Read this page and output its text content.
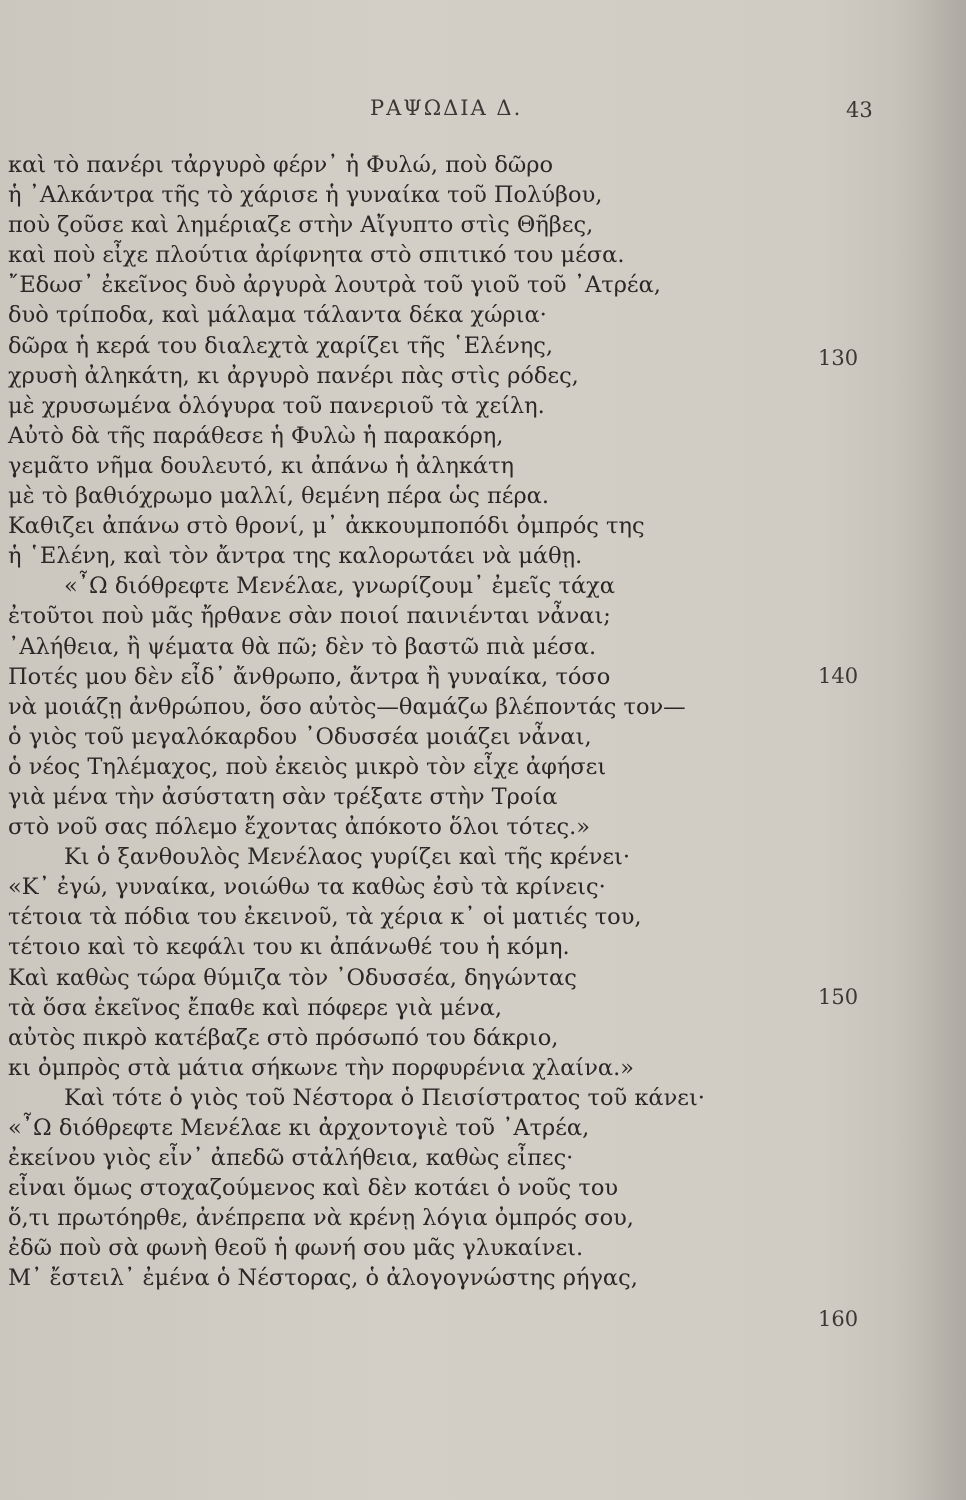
ΡΑΨΩΔΙΑ Δ.	43
καὶ τὸ πανέρι τἀργυρὸ φέρν᾿ ἡ Φυλώ, ποὺ δῶρο
ἡ ᾿Αλκάντρα τῆς τὸ χάρισε ἡ γυναίκα τοῦ Πολύβου,
ποὺ ζοῦσε καὶ λημέριαζε στὴν Αἴγυπτο στὶς Θῆβες,
καὶ ποὺ εἶχε πλούτια ἀρίφνητα στὸ σπιτικό του μέσα.
῎Εδωσ᾿ ἐκεῖνος δυὸ ἀργυρὰ λουτρὰ τοῦ γιοῦ τοῦ ᾿Ατρέα,
δυὸ τρίποδα, καὶ μάλαμα τάλαντα δέκα χώρια·
δῶρα ἡ κερά του διαλεχτὰ χαρίζει τῆς ῾Ελένης,
χρυσὴ ἀληκάτη, κι ἀργυρὸ πανέρι πὰς στὶς ρόδες,
μὲ χρυσωμένα ὁλόγυρα τοῦ πανεριοῦ τὰ χείλη.
Αὐτὸ δὰ τῆς παράθεσε ἡ Φυλὼ ἡ παρακόρη,
γεμᾶτο νῆμα δουλευτό, κι ἀπάνω ἡ ἀληκάτη
μὲ τὸ βαθιόχρωμο μαλλί, θεμένη πέρα ὡς πέρα.
Καθιζει ἀπάνω στὸ θρονί, μ᾿ ἀκκουμποπόδι ὀμπρός της
ἡ ῾Ελένη, καὶ τὸν ἄντρα της καλορωτάει νὰ μάθῃ.
«῏Ω διόθρεφτε Μενέλαε, γνωρίζουμ᾿ ἐμεῖς τάχα
ἐτοῦτοι ποὺ μᾶς ἤρθανε σὰν ποιοί παινιένται νἆναι;
᾿Αλήθεια, ἢ ψέματα θὰ πῶ; δὲν τὸ βαστῶ πιὰ μέσα.
Ποτές μου δὲν εἶδ᾿ ἄνθρωπο, ἄντρα ἢ γυναίκα, τόσο
νὰ μοιάζῃ ἀνθρώπου, ὅσο αὐτὸς—θαμάζω βλέποντάς τον—
ὁ γιὸς τοῦ μεγαλόκαρδου ᾿Οδυσσέα μοιάζει νἆναι,
ὁ νέος Τηλέμαχος, ποὺ ἐκειὸς μικρὸ τὸν εἶχε ἀφήσει
γιὰ μένα τὴν ἀσύστατη σὰν τρέξατε στὴν Τροία
στὸ νοῦ σας πόλεμο ἔχοντας ἀπόκοτο ὅλοι τότες.»
Κι ὁ ξανθουλὸς Μενέλαος γυρίζει καὶ τῆς κρένει·
«Κ᾿ ἐγώ, γυναίκα, νοιώθω τα καθὼς ἐσὺ τὰ κρίνεις·
τέτοια τὰ πόδια του ἐκεινοῦ, τὰ χέρια κ᾿ οἱ ματιές του,
τέτοιο καὶ τὸ κεφάλι του κι ἀπάνωθέ του ἡ κόμη.
Καὶ καθὼς τώρα θύμιζα τὸν ᾿Οδυσσέα, δηγώντας
τὰ ὅσα ἐκεῖνος ἔπαθε καὶ πόφερε γιὰ μένα,
αὐτὸς πικρὸ κατέβαζε στὸ πρόσωπό του δάκριο,
κι ὀμπρὸς στὰ μάτια σήκωνε τὴν πορφυρένια χλαίνα.»
Καὶ τότε ὁ γιὸς τοῦ Νέστορα ὁ Πεισίστρατος τοῦ κάνει·
«῏Ω διόθρεφτε Μενέλαε κι ἀρχοντογιὲ τοῦ ᾿Ατρέα,
ἐκείνου γιὸς εἶν᾿ ἀπεδῶ στἀλήθεια, καθὼς εἶπες·
εἶναι ὅμως στοχαζούμενος καὶ δὲν κοτάει ὁ νοῦς του
ὅ,τι πρωτόηρθε, ἀνέπρεπα νὰ κρένῃ λόγια ὀμπρός σου,
ἐδῶ ποὺ σὰ φωνὴ θεοῦ ἡ φωνή σου μᾶς γλυκαίνει.
Μ᾿ ἔστειλ᾿ ἐμένα ὁ Νέστορας, ὁ ἀλογογνώστης ρήγας,
130
140
150
160
